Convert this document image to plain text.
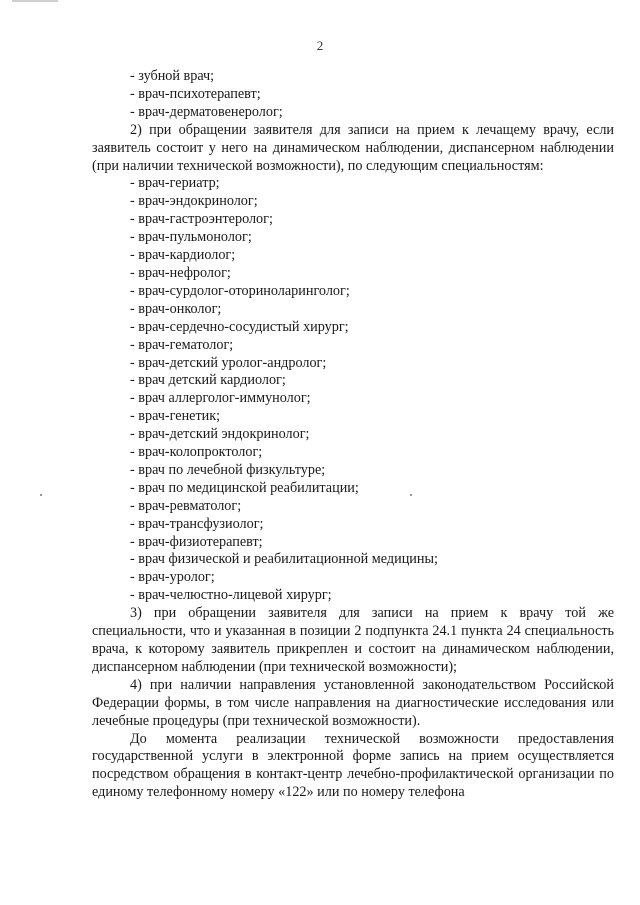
2
- зубной врач;
- врач-психотерапевт;
- врач-дерматовенеролог;
2) при обращении заявителя для записи на прием к лечащему врачу, если заявитель состоит у него на динамическом наблюдении, диспансерном наблюдении (при наличии технической возможности), по следующим специальностям:
- врач-гериатр;
- врач-эндокринолог;
- врач-гастроэнтеролог;
- врач-пульмонолог;
- врач-кардиолог;
- врач-нефролог;
- врач-сурдолог-оториноларинголог;
- врач-онколог;
- врач-сердечно-сосудистый хирург;
- врач-гематолог;
- врач-детский уролог-андролог;
- врач детский кардиолог;
- врач аллерголог-иммунолог;
- врач-генетик;
- врач-детский эндокринолог;
- врач-колопроктолог;
- врач по лечебной физкультуре;
- врач по медицинской реабилитации;
- врач-ревматолог;
- врач-трансфузиолог;
- врач-физиотерапевт;
- врач физической и реабилитационной медицины;
- врач-уролог;
- врач-челюстно-лицевой хирург;
3) при обращении заявителя для записи на прием к врачу той же специальности, что и указанная в позиции 2 подпункта 24.1 пункта 24 специальность врача, к которому заявитель прикреплен и состоит на динамическом наблюдении, диспансерном наблюдении (при технической возможности);
4) при наличии направления установленной законодательством Российской Федерации формы, в том числе направления на диагностические исследования или лечебные процедуры (при технической возможности).
До момента реализации технической возможности предоставления государственной услуги в электронной форме запись на прием осуществляется посредством обращения в контакт-центр лечебно-профилактической организации по единому телефонному номеру «122» или по номеру телефона
